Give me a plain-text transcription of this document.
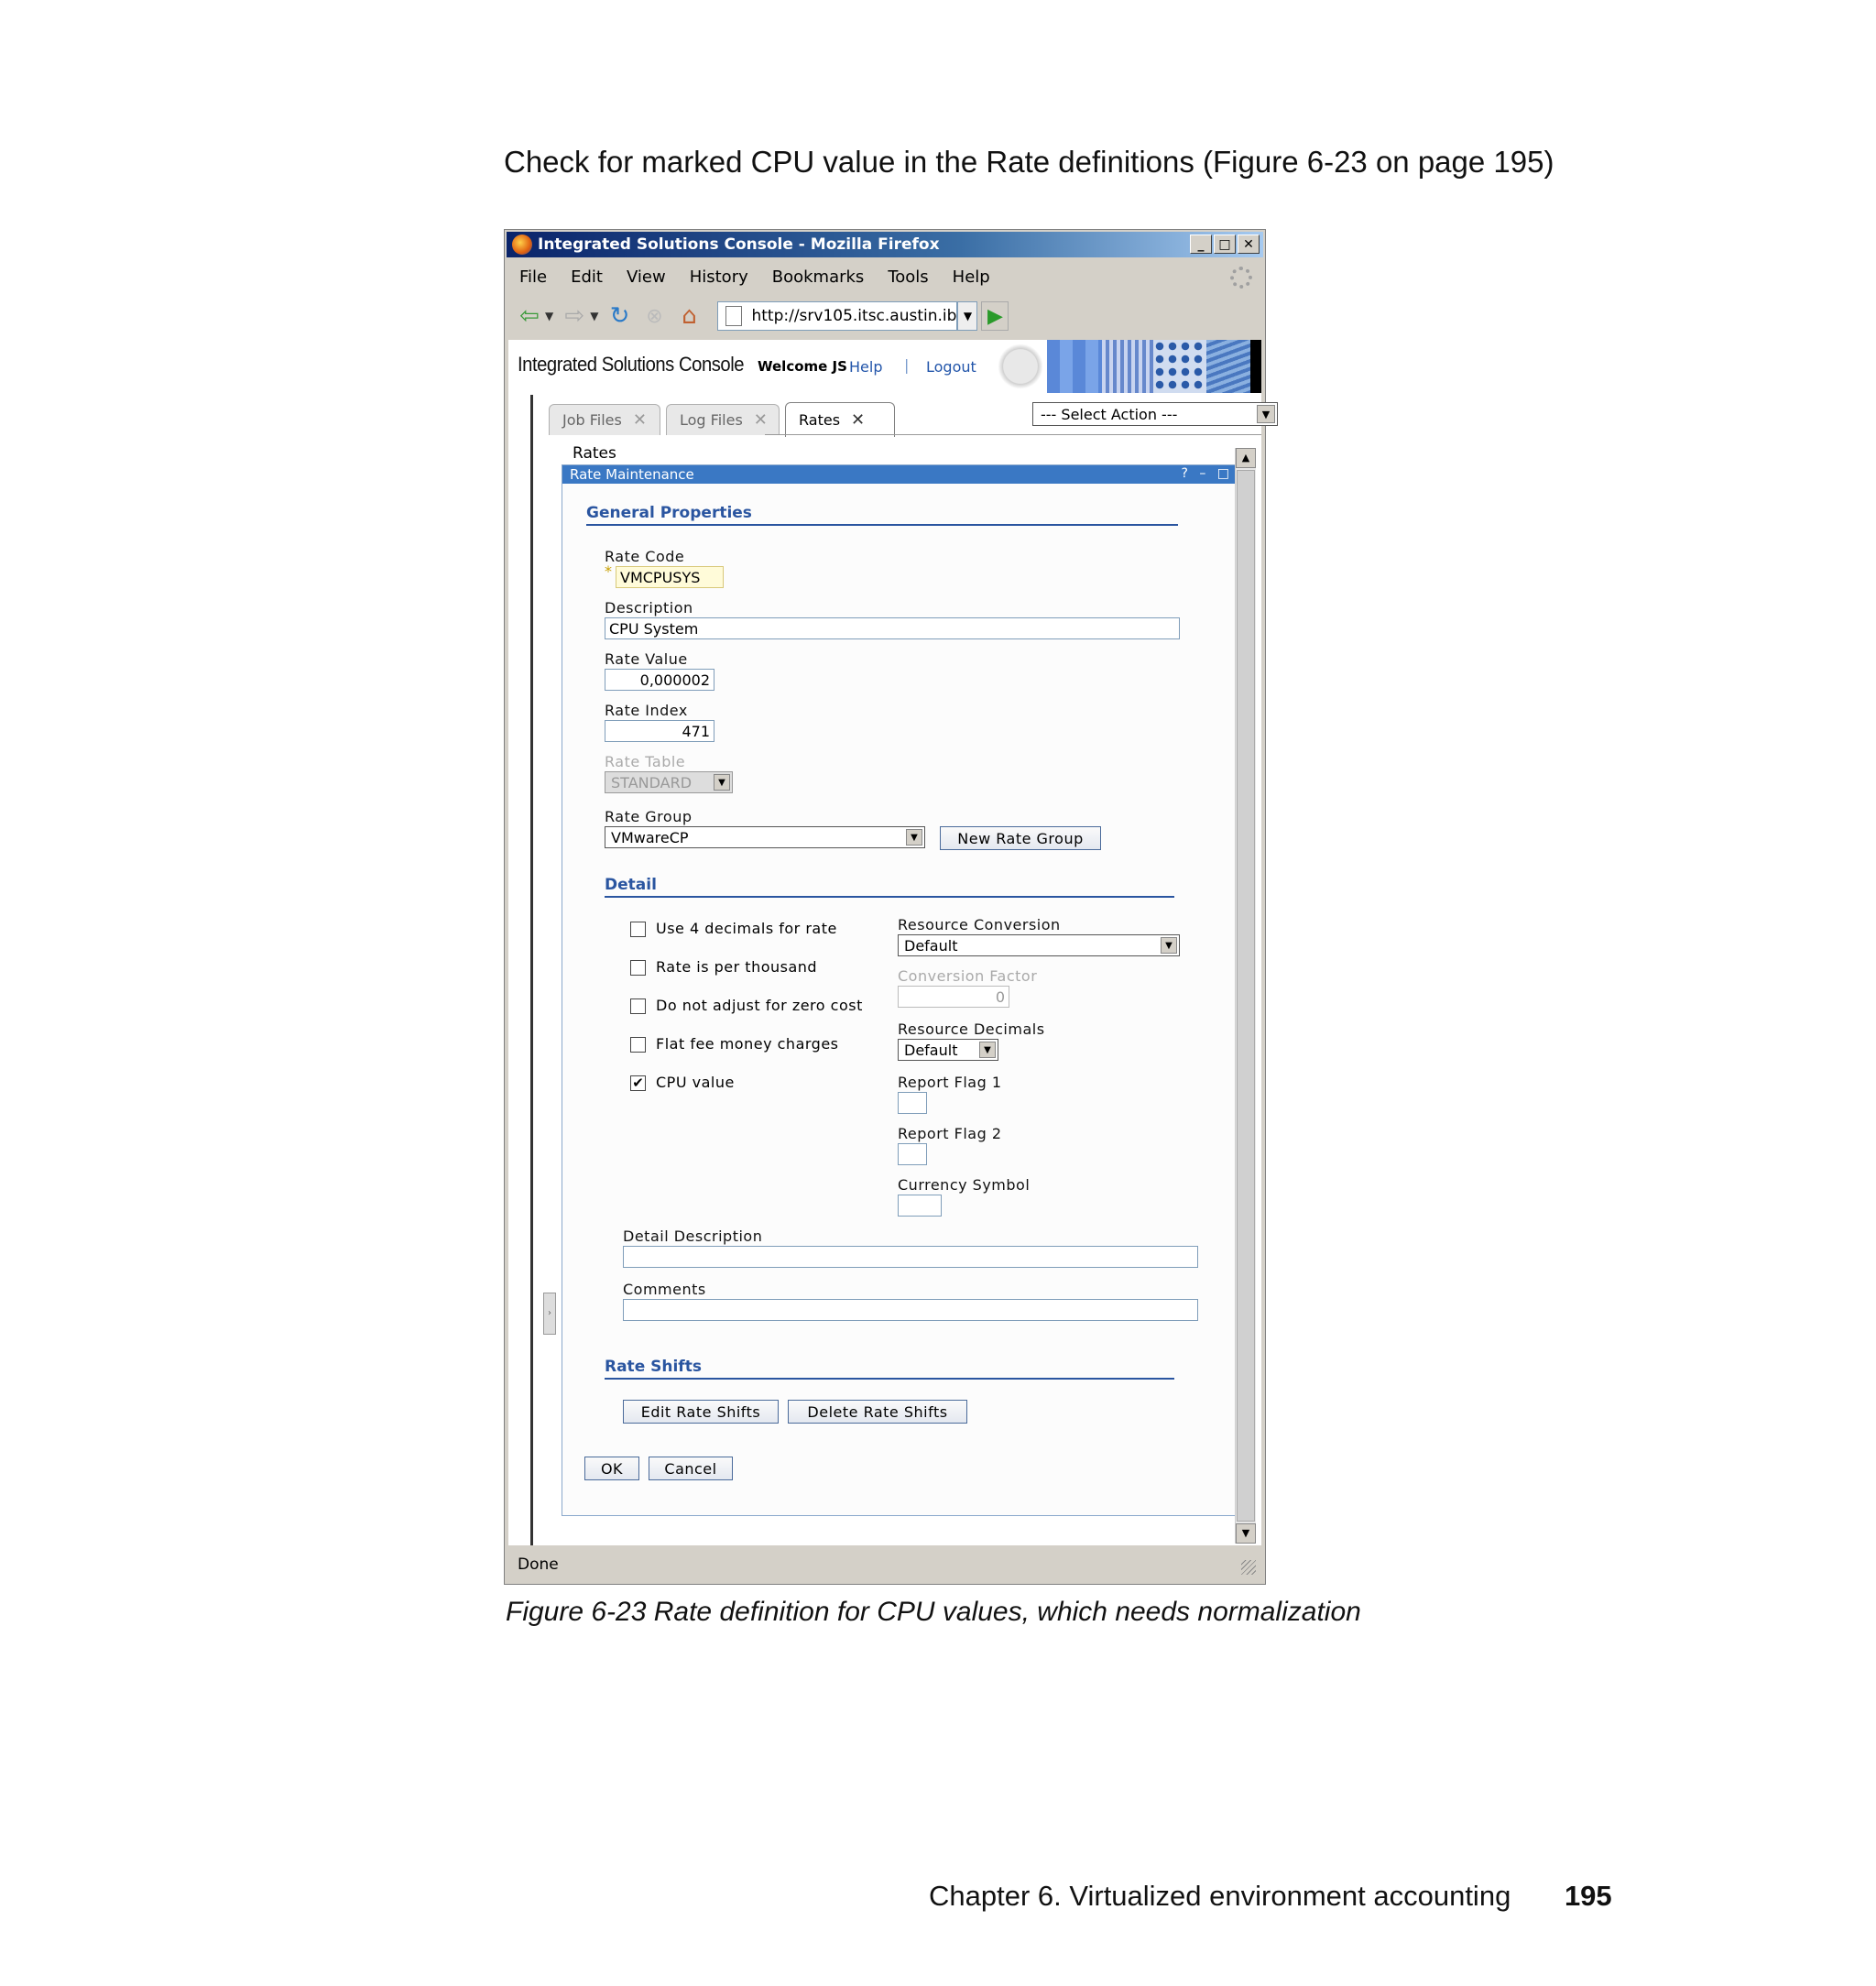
Check for marked CPU value in the Rate definitions (Figure 6-23 on page 195)
Integrated Solutions Console - Mozilla Firefox	_	□ ✕
File Edit View History Bookmarks Tools Help
⇦ ▼ ⇨ ▼ ↻ ⊗ ⌂	http://srv105.itsc.austin.ib ▼ ▶
Integrated Solutions Console Welcome JS Help | Logout
Job Files ✕ Log Files ✕ Rates ✕	--- Select Action ---	▼
Rates
›
Rate Maintenance	? – □
General Properties
Rate Code
* VMCPUSYS
Description
CPU System
Rate Value
0,000002
Rate Index
471
Rate Table
STANDARD	▼
Rate Group
VMwareCP	▼	New Rate Group
Detail
Use 4 decimals for rate
Rate is per thousand
Do not adjust for zero cost
Flat fee money charges
✔ CPU value
Resource Conversion
Default	▼
Conversion Factor
0
Resource Decimals
Default	▼
Report Flag 1
Report Flag 2
Currency Symbol
Detail Description
Comments
Rate Shifts
Edit Rate Shifts	Delete Rate Shifts
OK	Cancel
▲
▼
Done
Figure 6-23 Rate definition for CPU values, which needs normalization
Chapter 6. Virtualized environment accounting 195
